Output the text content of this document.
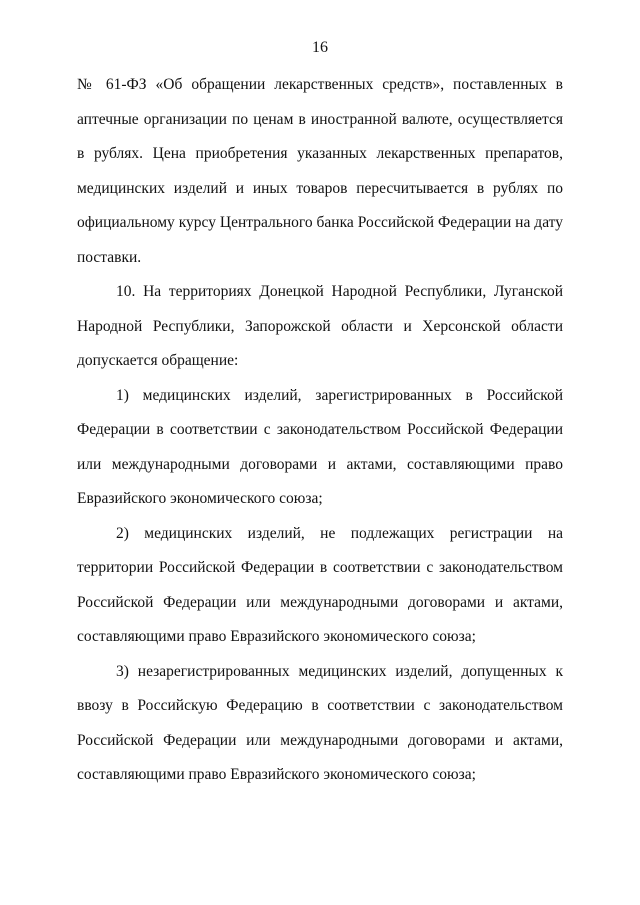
16

№ 61-ФЗ «Об обращении лекарственных средств», поставленных в аптечные организации по ценам в иностранной валюте, осуществляется в рублях. Цена приобретения указанных лекарственных препаратов, медицинских изделий и иных товаров пересчитывается в рублях по официальному курсу Центрального банка Российской Федерации на дату поставки.

10. На территориях Донецкой Народной Республики, Луганской Народной Республики, Запорожской области и Херсонской области допускается обращение:

1) медицинских изделий, зарегистрированных в Российской Федерации в соответствии с законодательством Российской Федерации или международными договорами и актами, составляющими право Евразийского экономического союза;

2) медицинских изделий, не подлежащих регистрации на территории Российской Федерации в соответствии с законодательством Российской Федерации или международными договорами и актами, составляющими право Евразийского экономического союза;

3) незарегистрированных медицинских изделий, допущенных к ввозу в Российскую Федерацию в соответствии с законодательством Российской Федерации или международными договорами и актами, составляющими право Евразийского экономического союза;
